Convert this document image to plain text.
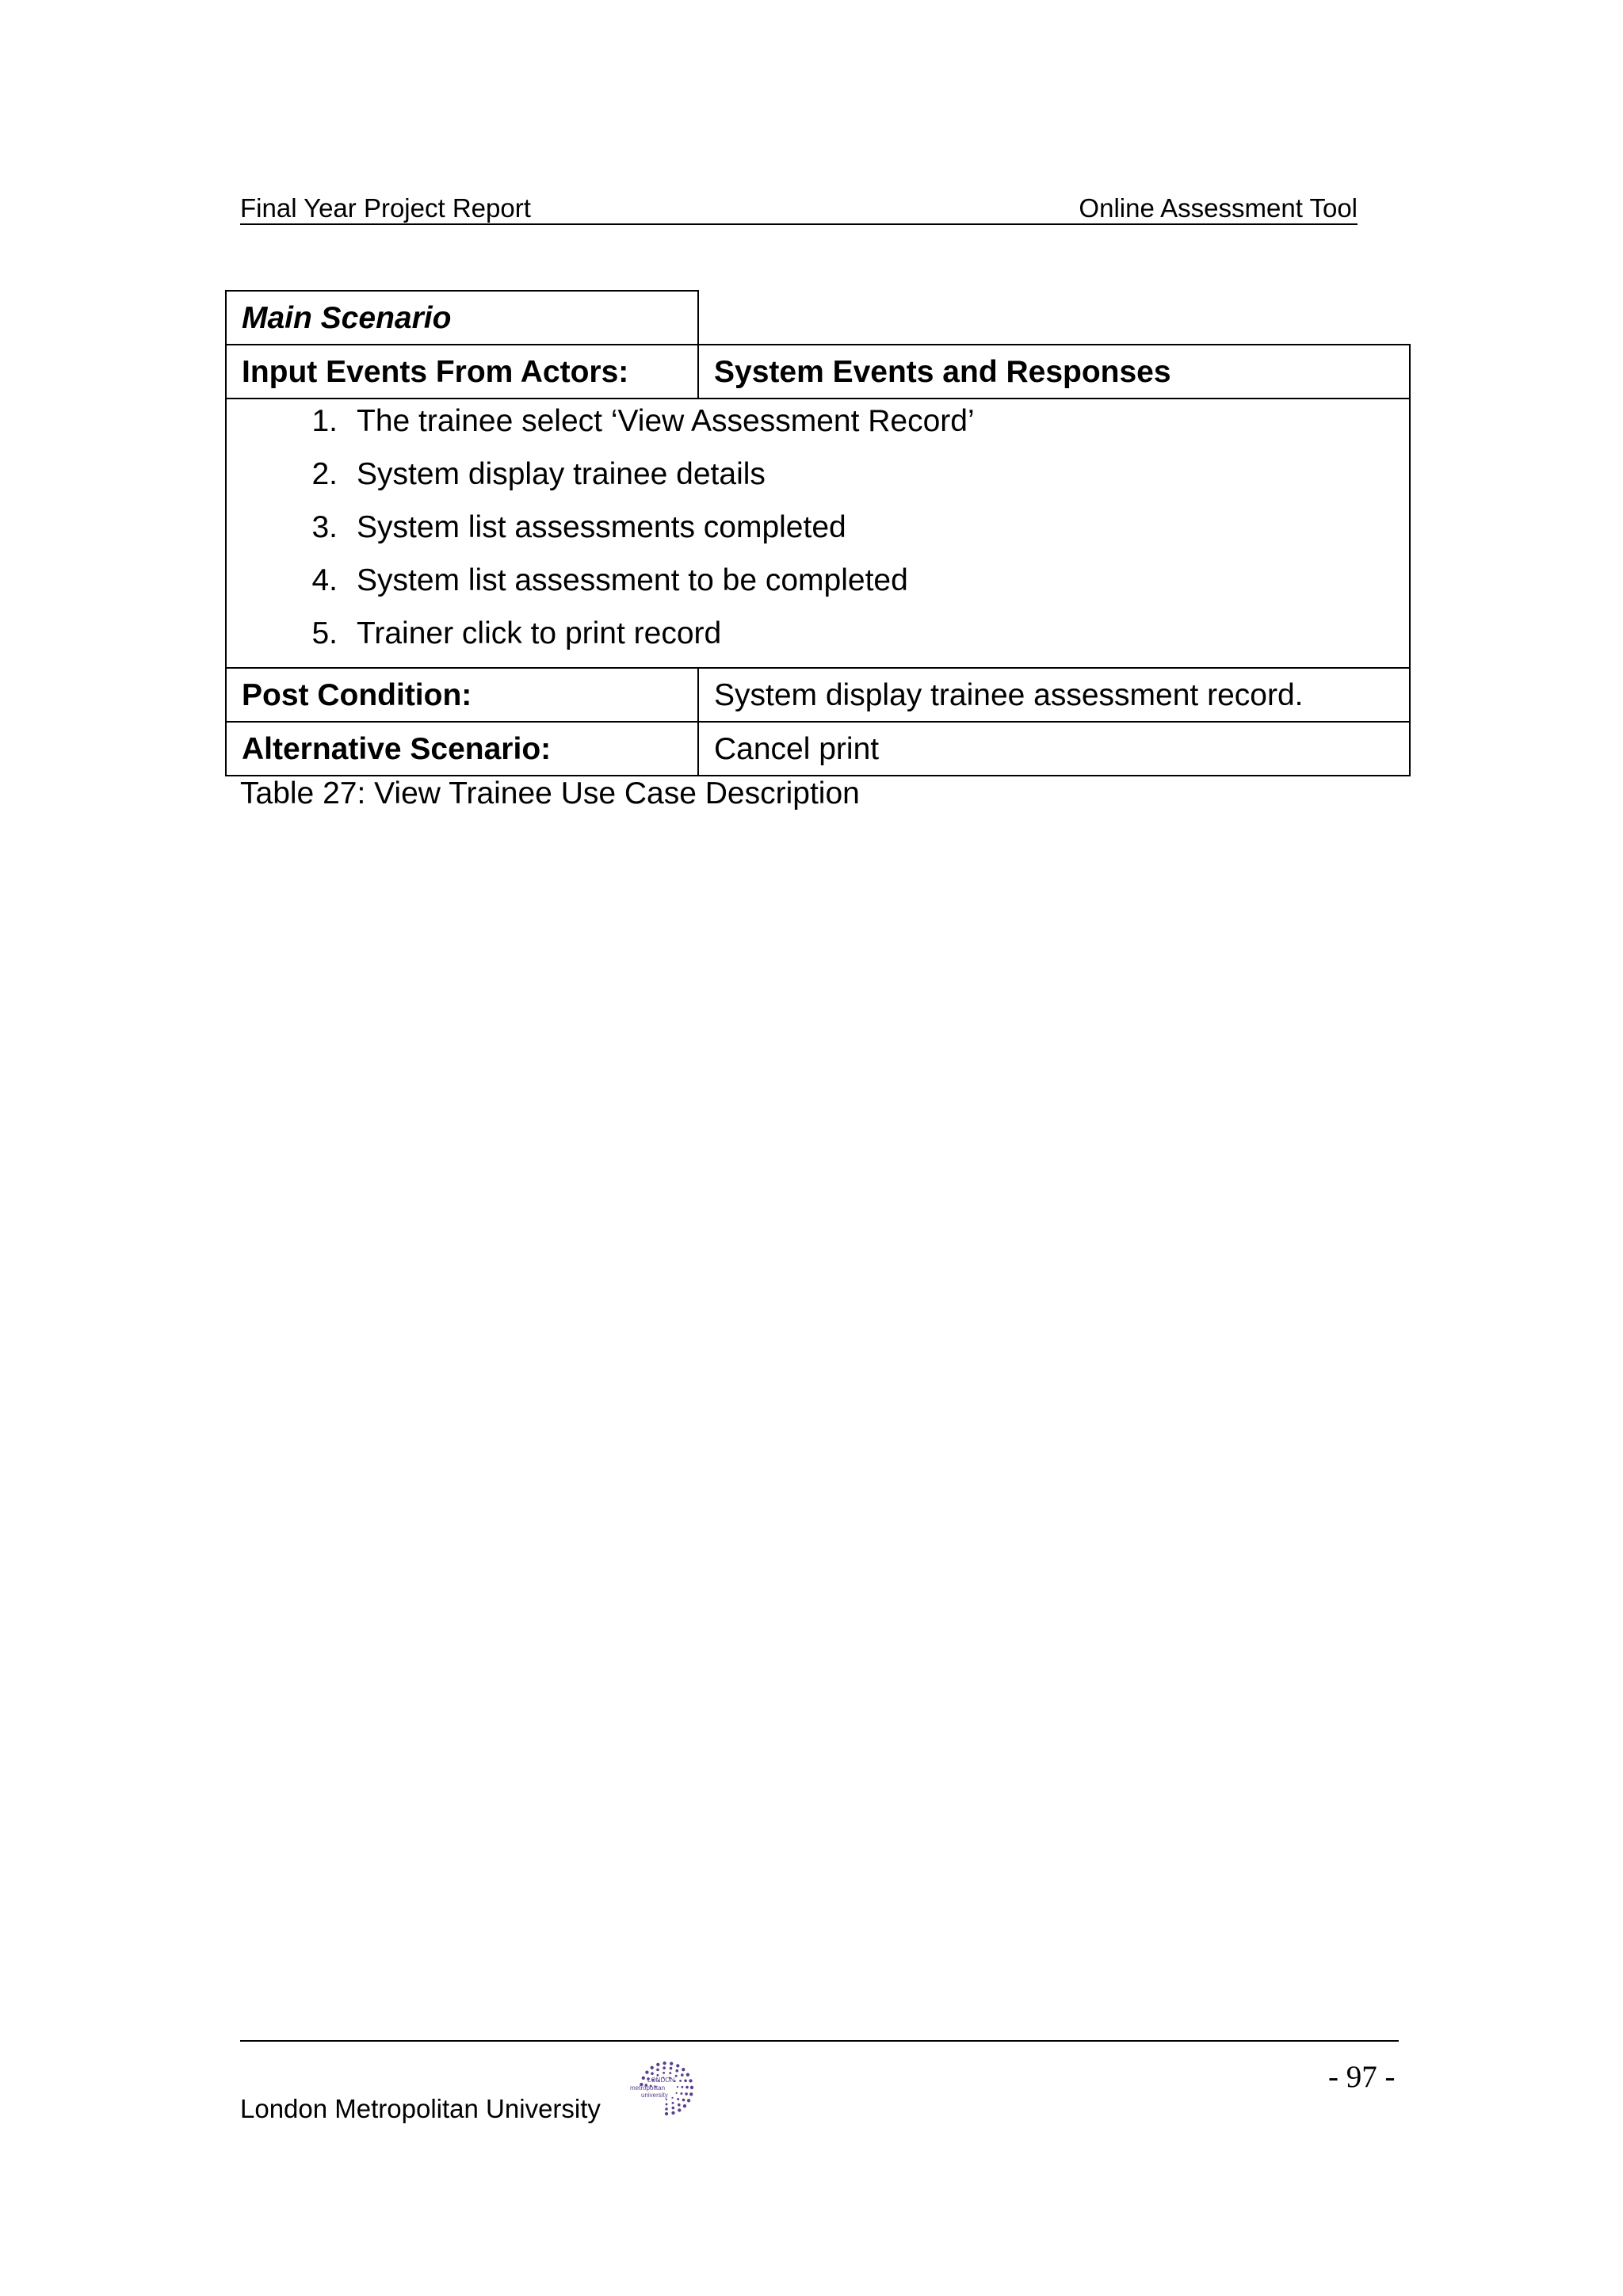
Final Year Project Report	Online Assessment Tool
Main Scenario
Input Events From Actors:	System Events and Responses
1. The trainee select ‘View Assessment Record’
2. System display trainee details
3. System list assessments completed
4. System list assessment to be completed
5. Trainer click to print record
Post Condition:	System display trainee assessment record.
Alternative Scenario:	Cancel print
Table 27: View Trainee Use Case Description
- 97 -
London Metropolitan University
LONDON
metropolitan
university
